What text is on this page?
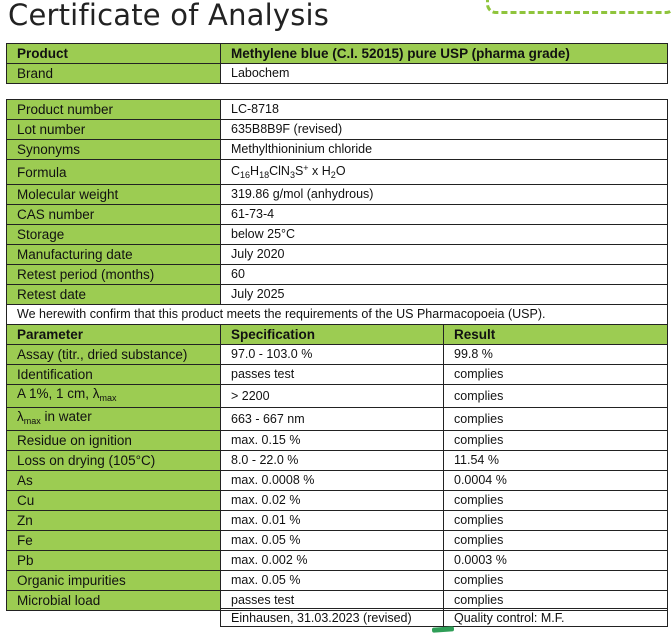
Certificate of Analysis
Product	Methylene blue (C.I. 52015) pure USP (pharma grade)
Brand	Labochem
Product number	LC-8718	
Lot number	635B8B9F (revised)	
Synonyms	Methylthioninium chloride	
Formula	$C_{16}H_{18}ClN_3S^+$ x $H_2O$	
Molecular weight	319.86 g/mol (anhydrous)	
CAS number	61-73-4	
Storage	below 25°C	
Manufacturing date	July 2020	
Retest period (months)	60	
Retest date	July 2025	
We herewith confirm that this product meets the requirements of the US Pharmacopoeia (USP).		
Parameter	Specification	Result
Assay (titr., dried substance)	97.0 - 103.0 %	99.8 %
Identification	passes test	complies
A 1%, 1 cm, $\lambda_{max}$	> 2200	complies
$\lambda_{max}$ in water	663 - 667 nm	complies
Residue on ignition	max. 0.15 %	complies
Loss on drying (105°C)	8.0 - 22.0 %	11.54 %
As	max. 0.0008 %	0.0004 %
Cu	max. 0.02 %	complies
Zn	max. 0.01 %	complies
Fe	max. 0.05 %	complies
Pb	max. 0.002 %	0.0003 %
Organic impurities	max. 0.05 %	complies
Microbial load	passes test	complies
Einhausen, 31.03.2023 (revised)	Quality control: M.F.
